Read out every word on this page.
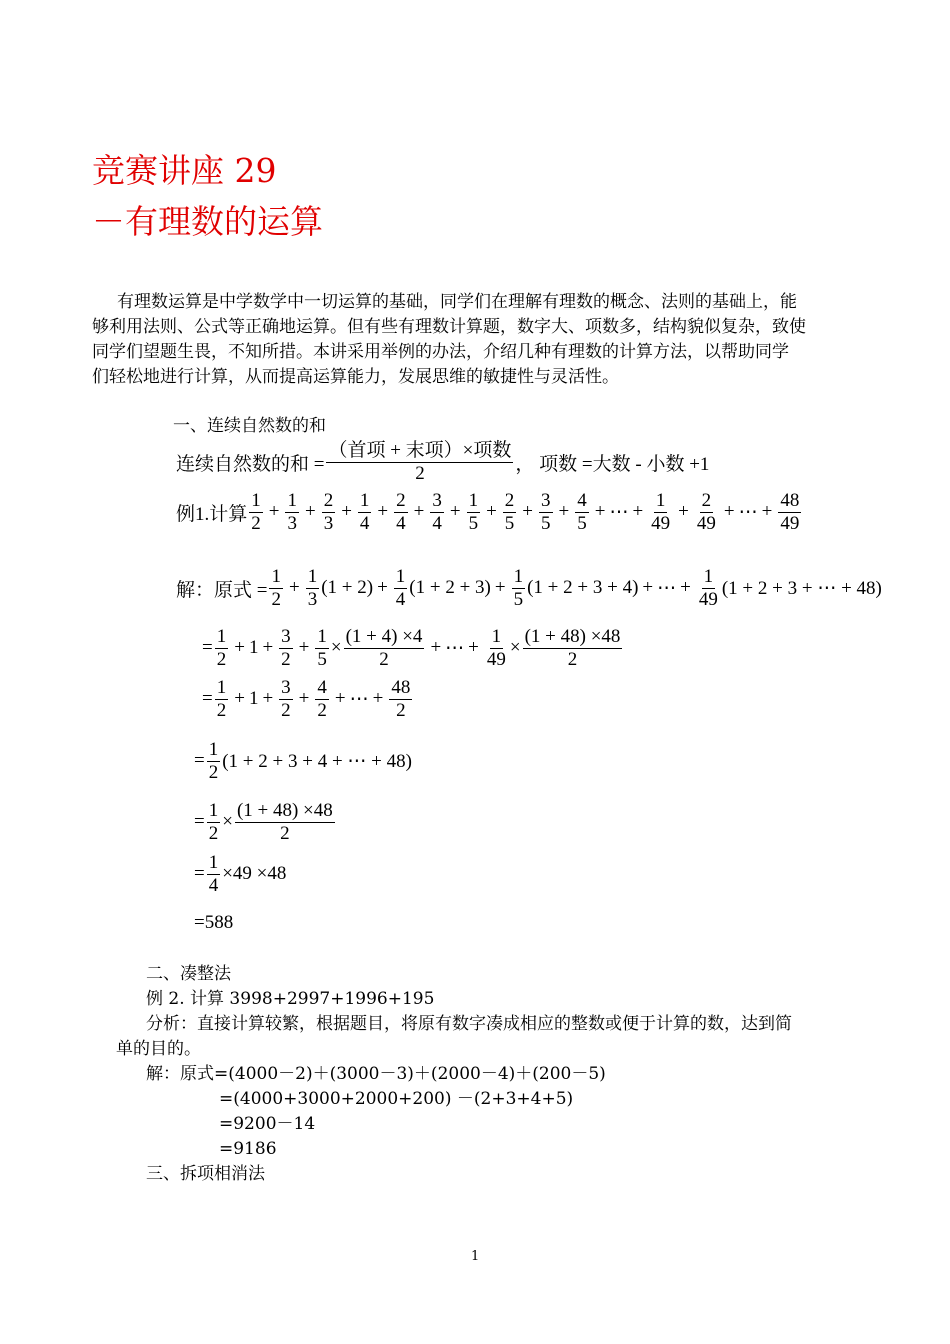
竞赛讲座 29
－有理数的运算
有理数运算是中学数学中一切运算的基础，同学们在理解有理数的概念、法则的基础上，能
够利用法则、公式等正确地运算。但有些有理数计算题，数字大、项数多，结构貌似复杂，致使
同学们望题生畏，不知所措。本讲采用举例的办法，介绍几种有理数的计算方法，以帮助同学
们轻松地进行计算，从而提高运算能力，发展思维的敏捷性与灵活性。
一、连续自然数的和
连续自然数的和 = $\frac{\text{（首项 + 末项）×项数}}{2}$ ， 项数 =大数 - 小数 +1
例1.计算 $\frac{1}{2} + \frac{1}{3} + \frac{2}{3} + \frac{1}{4} + \frac{2}{4} + \frac{3}{4} + \frac{1}{5} + \frac{2}{5} + \frac{3}{5} + \frac{4}{5}$ + ⋯ + $\frac{1}{49} + \frac{2}{49}$ + ⋯ + $\frac{48}{49}$
解：原式 = $\frac{1}{2} + \frac{1}{3} (1 + 2) + \frac{1}{4} (1 + 2 + 3) + \frac{1}{5} (1 + 2 + 3 + 4)$ + ⋯ + $\frac{1}{49} (1 + 2 + 3$ + ⋯ + 48)
= $\frac{1}{2} + 1 + \frac{3}{2} + \frac{1}{5} \times \frac{(1 + 4) \times 4}{2}$ + ⋯ + $\frac{1}{49} \times \frac{(1 + 48) \times 48}{2}$
= $\frac{1}{2} + 1 + \frac{3}{2} + \frac{4}{2}$ + ⋯ + $\frac{48}{2}$
= $\frac{1}{2} (1 + 2 + 3 + 4$ + ⋯ + 48)
= $\frac{1}{2} \times \frac{(1 + 48) \times 48}{2}$
= $\frac{1}{4} \times 49 \times 48$
=588
二、凑整法
例 2. 计算 3998+2997+1996+195
分析：直接计算较繁，根据题目，将原有数字凑成相应的整数或便于计算的数，达到简
单的目的。
解：原式=(4000－2)＋(3000－3)＋(2000－4)＋(200－5)
=(4000+3000+2000+200) －(2+3+4+5)
=9200－14
=9186
三、拆项相消法
1
